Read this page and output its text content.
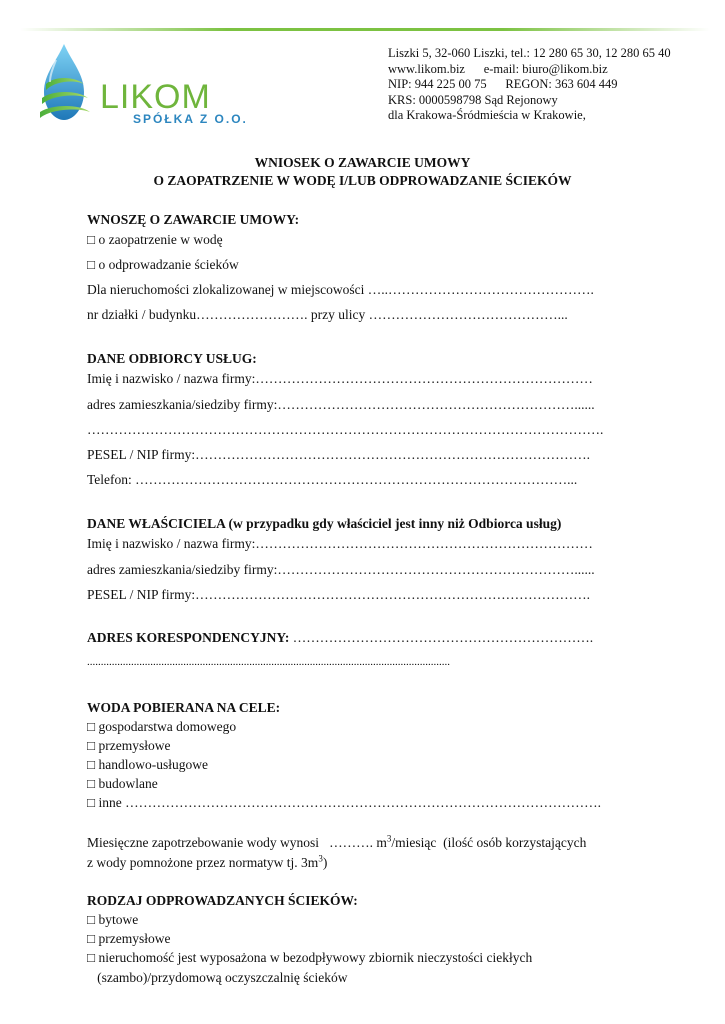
LIKOM
SPÓŁKA Z O.O.
Liszki 5, 32-060 Liszki, tel.: 12 280 65 30, 12 280 65 40
www.likom.biz      e-mail: biuro@likom.biz
NIP: 944 225 00 75      REGON: 363 604 449
KRS: 0000598798 Sąd Rejonowy
dla Krakowa-Śródmieścia w Krakowie,
WNIOSEK O ZAWARCIE UMOWY
O ZAOPATRZENIE W WODĘ I/LUB ODPROWADZANIE ŚCIEKÓW
WNOSZĘ O ZAWARCIE UMOWY:
□ o zaopatrzenie w wodę
□ o odprowadzanie ścieków
Dla nieruchomości zlokalizowanej w miejscowości …..……………………………………….
nr działki / budynku……………………. przy ulicy ……………………………………...
DANE ODBIORCY USŁUG:
Imię i nazwisko / nazwa firmy:…………………………………………………………………
adres zamieszkania/siedziby firmy:…………………………………………………………......
…………………………………………………………………………………………………….
PESEL / NIP firmy:…………………………………………………………………………….
Telefon: ……………………………………………………………………………………...
DANE WŁAŚCICIELA (w przypadku gdy właściciel jest inny niż Odbiorca usług)
Imię i nazwisko / nazwa firmy:…………………………………………………………………
adres zamieszkania/siedziby firmy:…………………………………………………………......
PESEL / NIP firmy:…………………………………………………………………………….
ADRES KORESPONDENCYJNY: ………………………………………………………….
....................................................................................................................................
WODA POBIERANA NA CELE:
□ gospodarstwa domowego
□ przemysłowe
□ handlowo-usługowe
□ budowlane
□ inne …………………………………………………………………………………………….
Miesięczne zapotrzebowanie wody wynosi   ………. $m^3$/miesiąc  (ilość osób korzystających
z wody pomnożone przez normatyw tj. $3m^3$)
RODZAJ ODPROWADZANYCH ŚCIEKÓW:
□ bytowe
□ przemysłowe
□ nieruchomość jest wyposażona w bezodpływowy zbiornik nieczystości ciekłych
(szambo)/przydomową oczyszczalnię ścieków
